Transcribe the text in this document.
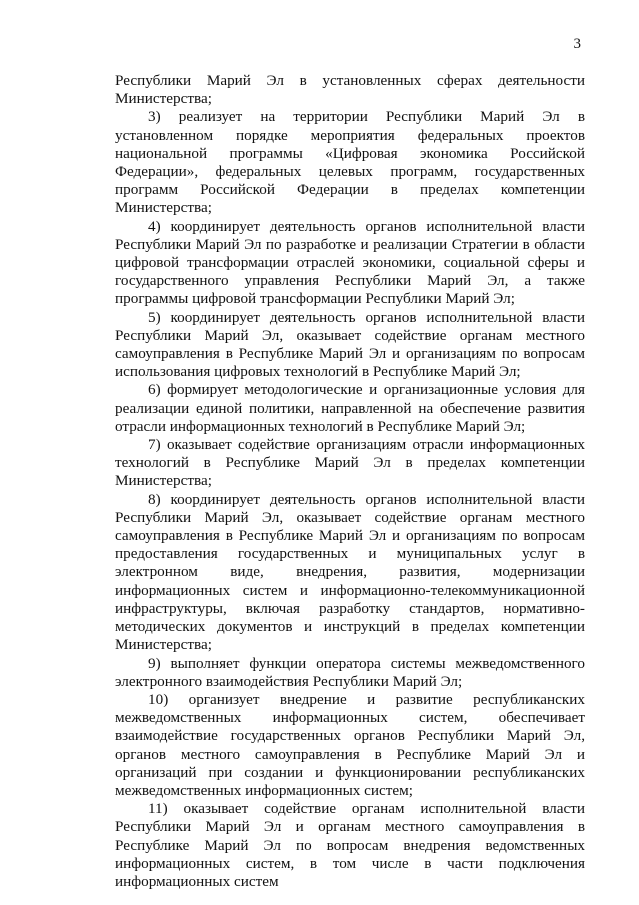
3

Республики Марий Эл в установленных сферах деятельности Министерства;

3) реализует на территории Республики Марий Эл в установленном порядке мероприятия федеральных проектов национальной программы «Цифровая экономика Российской Федерации», федеральных целевых программ, государственных программ Российской Федерации в пределах компетенции Министерства;

4) координирует деятельность органов исполнительной власти Республики Марий Эл по разработке и реализации Стратегии в области цифровой трансформации отраслей экономики, социальной сферы и государственного управления Республики Марий Эл, а также программы цифровой трансформации Республики Марий Эл;

5) координирует деятельность органов исполнительной власти Республики Марий Эл, оказывает содействие органам местного самоуправления в Республике Марий Эл и организациям по вопросам использования цифровых технологий в Республике Марий Эл;

6) формирует методологические и организационные условия для реализации единой политики, направленной на обеспечение развития отрасли информационных технологий в Республике Марий Эл;

7) оказывает содействие организациям отрасли информационных технологий в Республике Марий Эл в пределах компетенции Министерства;

8) координирует деятельность органов исполнительной власти Республики Марий Эл, оказывает содействие органам местного самоуправления в Республике Марий Эл и организациям по вопросам предоставления государственных и муниципальных услуг в электронном виде, внедрения, развития, модернизации информационных систем и информационно-телекоммуникационной инфраструктуры, включая разработку стандартов, нормативно-методических документов и инструкций в пределах компетенции Министерства;

9) выполняет функции оператора системы межведомственного электронного взаимодействия Республики Марий Эл;

10) организует внедрение и развитие республиканских межведомственных информационных систем, обеспечивает взаимодействие государственных органов Республики Марий Эл, органов местного самоуправления в Республике Марий Эл и организаций при создании и функционировании республиканских межведомственных информационных систем;

11) оказывает содействие органам исполнительной власти Республики Марий Эл и органам местного самоуправления в Республике Марий Эл по вопросам внедрения ведомственных информационных систем, в том числе в части подключения информационных систем
